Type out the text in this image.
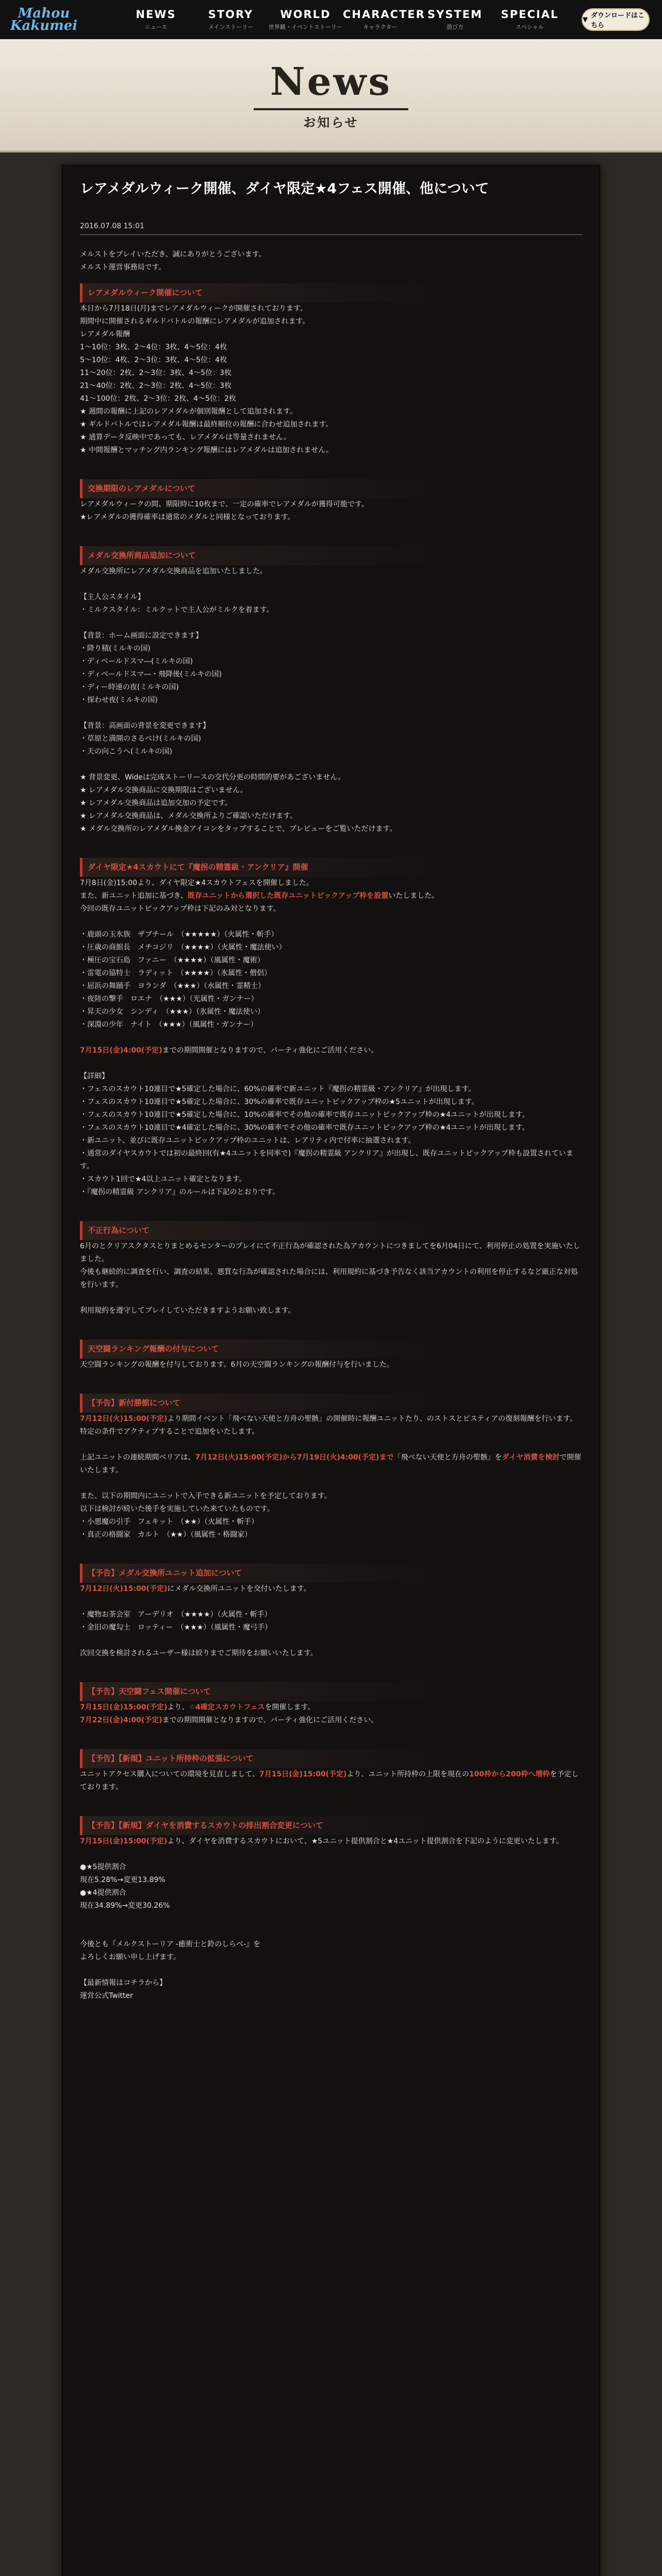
Mahou Kakumei
NEWS
ニュース
STORY
メインストーリー
WORLD
世界観・イベントストーリー
CHARACTER
キャラクター
SYSTEM
遊び方
SPECIAL
スペシャル
▼ ダウンロードはこちら
News
お知らせ
レアメダルウィーク開催、ダイヤ限定★4フェス開催、他について
2016.07.08 15:01
メルストをプレイいただき、誠にありがとうございます。
メルスト運営事務局です。
レアメダルウィーク開催について
本日から7月18日(月)までレアメダルウィークが開催されております。
期間中に開催されるギルドバトルの報酬にレアメダルが追加されます。
レアメダル報酬
1〜10位：3枚、2〜4位：3枚、4〜5位：4枚
5〜10位：4枚、2〜3位：3枚、4〜5位：4枚
11〜20位：2枚、2〜3位：3枚、4〜5位：3枚
21〜40位：2枚、2〜3位：2枚、4〜5位：3枚
41〜100位：2枚、2〜3位：2枚、4〜5位：2枚
★ 週間の報酬に上記のレアメダルが個別報酬として追加されます。
★ ギルドバトルではレアメダル報酬は最終順位の報酬に合わせ追加されます。
★ 通算データ反映中であっても、レアメダルは等量されません。
★ 中間報酬とマッチング内ランキング報酬にはレアメダルは追加されません。

交換期限のレアメダルについて
レアメダルウィークの間、期限時に10枚まで、一定の確率でレアメダルが獲得可能です。
★レアメダルの獲得確率は通常のメダルと同様となっております。

メダル交換所商品追加について
メダル交換所にレアメダル交換商品を追加いたしました。

【主人公スタイル】
・ミルクスタイル：ミルクットで主人公がミルクを着ます。

【背景：ホーム画面に設定できます】
・降り積(ミルキの国)
・ディベールドスマ―(ミルキの国)
・ディベールドスマ―・飛降後(ミルキの国)
・ディー時速の夜(ミルキの国)
・探わせ夜(ミルキの国)

【背景：高画面の背景を変更できます】
・草原と満開のさるべけ(ミルキの国)
・天の向こうへ(ミルキの国)

★ 背景変更、Wideは完成ストーリースの交代分更の時間的要があございません。
★ レアメダル交換商品に交換期限はございません。
★ レアメダル交換商品は追加交加の予定です。
★ レアメダル交換商品は、メダル交換所よりご確認いただけます。
★ メダル交換所のレアメダル換金アイコンをタップすることで、プレビューをご覧いただけます。

ダイヤ限定★4スカウトにて『魔拐の精霊級・アンクリア』開催
7月8日(金)15:00より、ダイヤ限定★4スカウトフェスを開催しました。
また、新ユニット追加に基づき、既存ユニットから選択した既存ユニットピックアップ枠を設置いたしました。
今回の既存ユニットピックアップ枠は下記のみ対となります。

・鹿頭の玉氷族　ザブチール　（★★★★★）（火属性・斬手）
・圧歳の商館長　メチコジリ　（★★★★）（火属性・魔法使い）
・極圧の宝石島　ファニー　（★★★★）（風属性・魔術）
・雷電の協特士　ラディット　（★★★★）（氷属性・僧侶）
・屈浜の舞踊手　ヨランダ　（★★★）（水属性・霊精士）
・夜陸の撃手　ロエナ　（★★★）（光属性・ガンナー）
・昇天の少女　シンディ　（★★★）（氷属性・魔法使い）
・深淵の少年　ナイト　（★★★）（風属性・ガンナー）

7月15日(金)4:00(予定)までの期間開催となりますので、パーティ強化にご活用ください。

【詳細】
・フェスのスカウト10連目で★5確定した場合に、60%の確率で新ユニット『魔拐の精霊級・アンクリア』が出現します。
・フェスのスカウト10連目で★5確定した場合に、30%の確率で既存ユニットピックアップ枠の★5ユニットが出現します。
・フェスのスカウト10連目で★5確定した場合に、10%の確率でその他の確率で既存ユニットピックアップ枠の★4ユニットが出現します。
・フェスのスカウト10連目で★4確定した場合に、30%の確率でその他の確率で既存ユニットピックアップ枠の★4ユニットが出現します。
・新ユニット、並びに既存ユニットピックアップ枠のユニットは、レアリティ内で付率に抽選されます。
・通常のダイヤスカウトでは初の最終回(有★4ユニットを同率で)『魔拐の精霊級 アンクリア』が出現し、既存ユニットピックアップ枠も設置されています。
・スカウト1回で★4以上ユニット確定となります。
・『魔拐の精霊級 アンクリア』のルールは下記のとおりです。

不正行為について
6月のとクリアスクタスとりまとめるセンターのプレイにて不正行為が確認された為アカウントにつきましてを6月04日にて、利用停止の処置を実施いたしました。
今後も継続的に調査を行い、調査の結果、悪質な行為が確認された場合には、利用規約に基づき予告なく該当アカウントの利用を停止するなど厳正な対処を行います。

利用規約を遵守してプレイしていただきますようお願い致します。

天空闘ランキング報酬の付与について
天空闘ランキングの報酬を付与しております。6月の天空闘ランキングの報酬付与を行いました。

【予告】新付勝館について
7月12日(火)15:00(予定)より期間イベント「飛べない天使と方舟の聖骸」の開催時に報酬ユニットたり、のストスとピスティアの復刻報酬を行います。特定の条件でアクティブすることで追加をいたします。

上記ユニットの連続期間ベリアは、7月12日(火)15:00(予定)から7月19日(火)4:00(予定)まで「飛べない天使と方舟の聖骸」をダイヤ消費を検討で開催いたします。

また、以下の期間内にユニットで入手できる新ユニットを予定しております。
以下は検討が続いた後手を実施していた来ていたものです。
・小悪魔の引手　フェキット　（★★）（火属性・斬手）
・真正の格闘家　カルト　（★★）（風属性・格闘家）

【予告】メダル交換所ユニット追加について
7月12日(火)15:00(予定)にメダル交換所ユニットを交付いたします。

・魔物お茶会室　アーデリオ　（★★★★）（火属性・斬手）
・金旧の魔勾士　ロッティー　（★★★）（風属性・魔弓手）

次回交換を検討されるユーザー様は絞りまでご期待をお願いいたします。

【予告】天空闘フェス開催について
7月15日(金)15:00(予定)より、☆4確定スカウトフェスを開催します。
7月22日(金)4:00(予定)までの期間開催となりますので、パーティ強化にご活用ください。

【予告】【新規】ユニット所持枠の拡張について
ユニットアクセス購入についての環境を見直しまして、7月15日(金)15:00(予定)より、ユニット所持枠の上限を現在の100枠から200枠へ増枠を予定しております。

【予告】【新規】ダイヤを消費するスカウトの排出割合変更について
7月15日(金)15:00(予定)より、ダイヤを消費するスカウトにおいて、★5ユニット提供割合と★4ユニット提供割合を下記のように変更いたします。

●★5提供割合
現在5.28%→変更13.89%
●★4提供割合
現在34.89%→変更30.26%

今後とも『メルクストーリア -癒術士と鈴のしらべ-』を
よろしくお願い申し上げます。

【最新情報はコチラから】
運営公式Twitter
